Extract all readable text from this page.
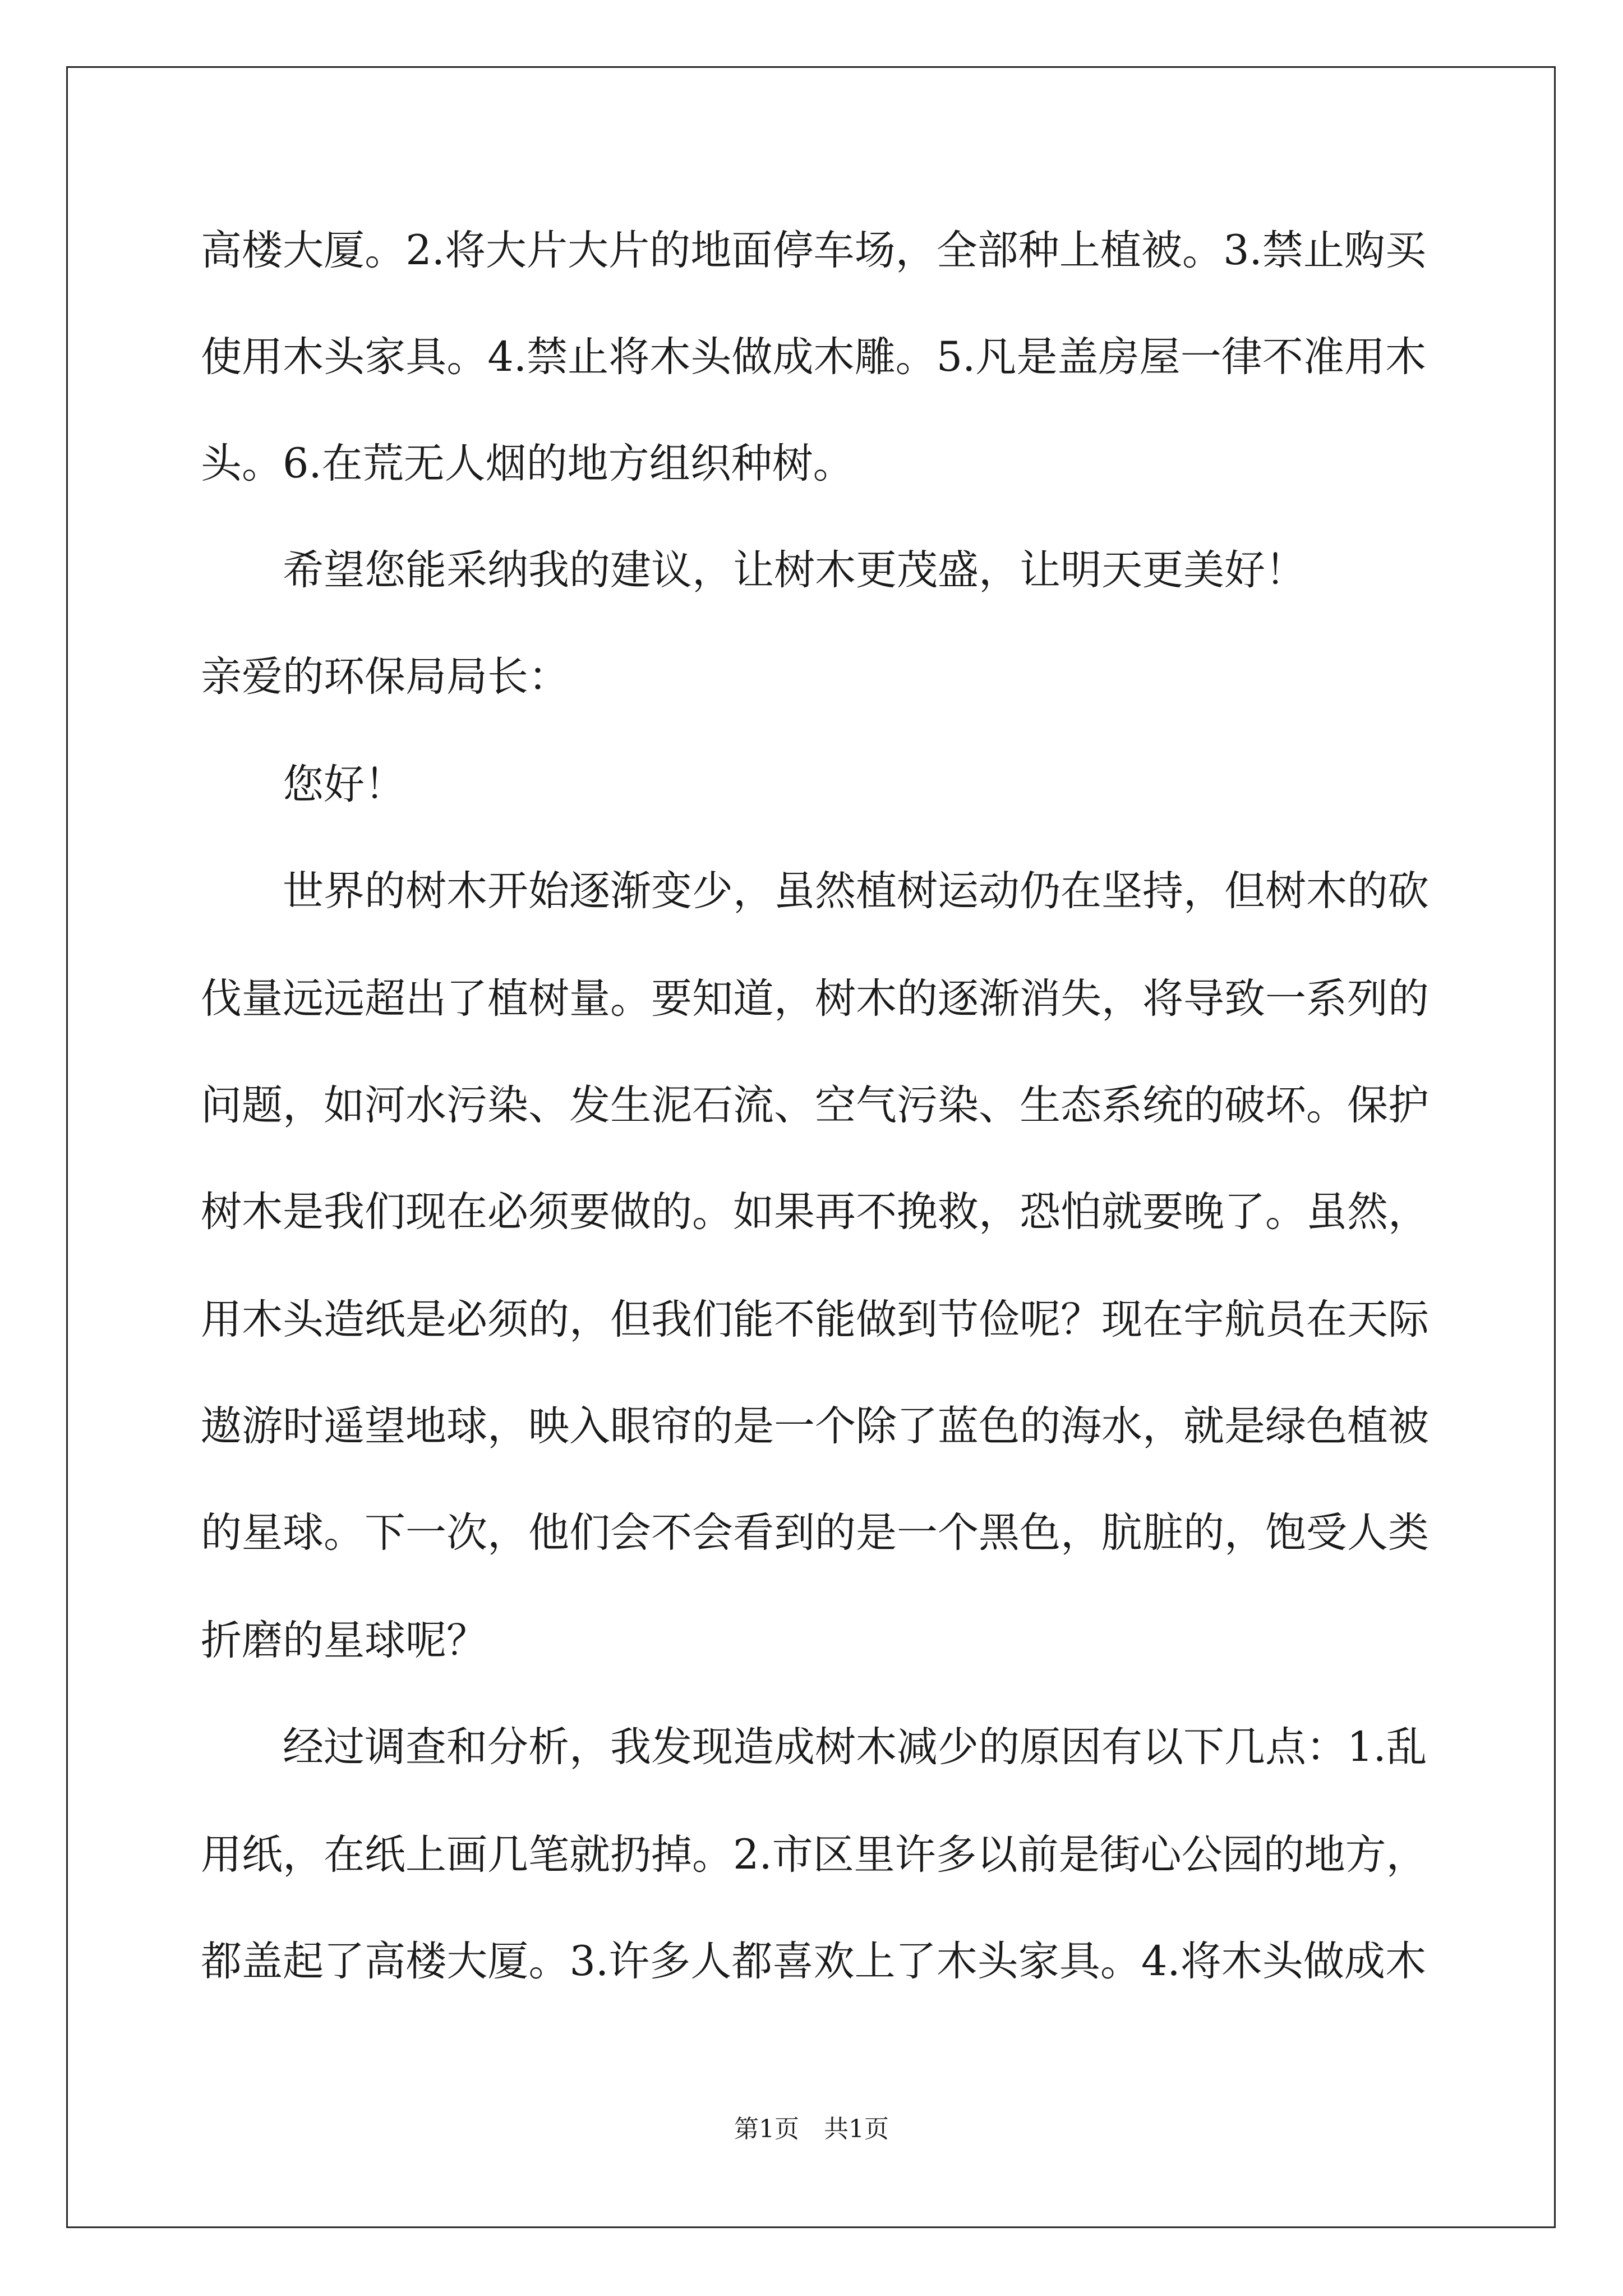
高楼大厦。2.将大片大片的地面停车场，全部种上植被。3.禁止购买
使用木头家具。4.禁止将木头做成木雕。5.凡是盖房屋一律不准用木
头。6.在荒无人烟的地方组织种树。
希望您能采纳我的建议，让树木更茂盛，让明天更美好！
亲爱的环保局局长：
您好！
世界的树木开始逐渐变少，虽然植树运动仍在坚持，但树木的砍
伐量远远超出了植树量。要知道，树木的逐渐消失，将导致一系列的
问题，如河水污染、发生泥石流、空气污染、生态系统的破坏。保护
树木是我们现在必须要做的。如果再不挽救，恐怕就要晚了。虽然，
用木头造纸是必须的，但我们能不能做到节俭呢？现在宇航员在天际
遨游时遥望地球，映入眼帘的是一个除了蓝色的海水，就是绿色植被
的星球。下一次，他们会不会看到的是一个黑色，肮脏的，饱受人类
折磨的星球呢？
经过调查和分析，我发现造成树木减少的原因有以下几点：1.乱
用纸，在纸上画几笔就扔掉。2.市区里许多以前是街心公园的地方，
都盖起了高楼大厦。3.许多人都喜欢上了木头家具。4.将木头做成木
第1页　共1页
